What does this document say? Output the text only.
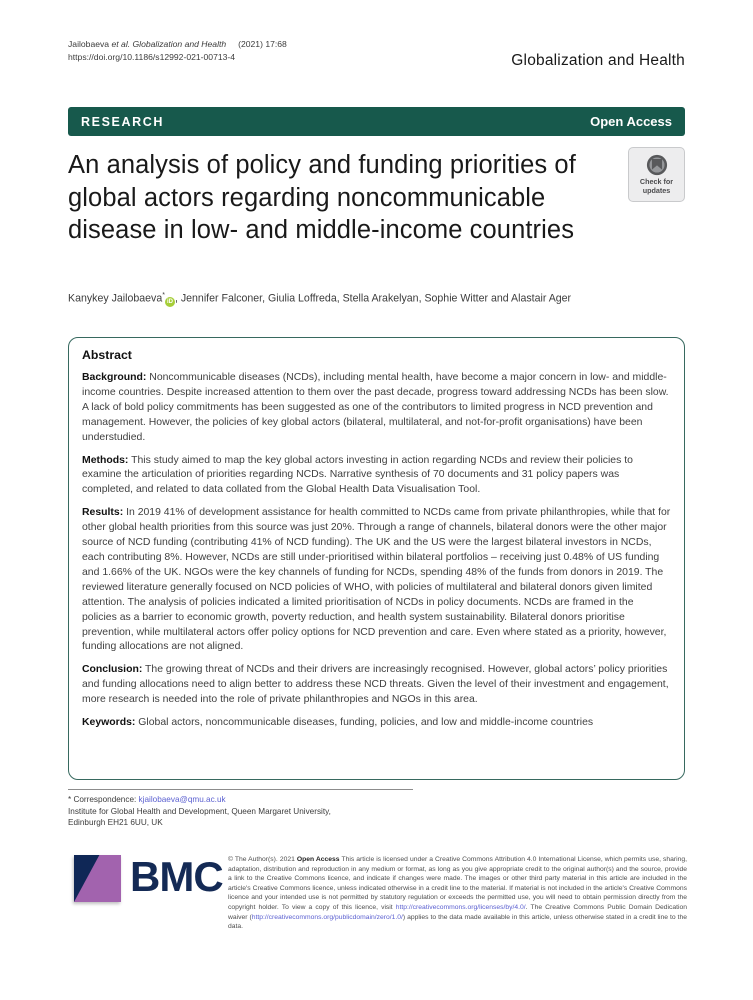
Jailobaeva et al. Globalization and Health (2021) 17:68
https://doi.org/10.1186/s12992-021-00713-4	Globalization and Health
RESEARCH	Open Access
An analysis of policy and funding priorities of global actors regarding noncommunicable disease in low- and middle-income countries
Check for
updates
Kanykey Jailobaeva*iD , Jennifer Falconer, Giulia Loffreda, Stella Arakelyan, Sophie Witter and Alastair Ager
Abstract

Background: Noncommunicable diseases (NCDs), including mental health, have become a major concern in low- and middle-income countries. Despite increased attention to them over the past decade, progress toward addressing NCDs has been slow. A lack of bold policy commitments has been suggested as one of the contributors to limited progress in NCD prevention and management. However, the policies of key global actors (bilateral, multilateral, and not-for-profit organisations) have been understudied.

Methods: This study aimed to map the key global actors investing in action regarding NCDs and review their policies to examine the articulation of priorities regarding NCDs. Narrative synthesis of 70 documents and 31 policy papers was completed, and related to data collated from the Global Health Data Visualisation Tool.

Results: In 2019 41% of development assistance for health committed to NCDs came from private philanthropies, while that for other global health priorities from this source was just 20%. Through a range of channels, bilateral donors were the other major source of NCD funding (contributing 41% of NCD funding). The UK and the US were the largest bilateral investors in NCDs, each contributing 8%. However, NCDs are still under-prioritised within bilateral portfolios – receiving just 0.48% of US funding and 1.66% of the UK. NGOs were the key channels of funding for NCDs, spending 48% of the funds from donors in 2019. The reviewed literature generally focused on NCD policies of WHO, with policies of multilateral and bilateral donors given limited attention. The analysis of policies indicated a limited prioritisation of NCDs in policy documents. NCDs are framed in the policies as a barrier to economic growth, poverty reduction, and health system sustainability. Bilateral donors prioritise prevention, while multilateral actors offer policy options for NCD prevention and care. Even where stated as a priority, however, funding allocations are not aligned.

Conclusion: The growing threat of NCDs and their drivers are increasingly recognised. However, global actors’ policy priorities and funding allocations need to align better to address these NCD threats. Given the level of their investment and engagement, more research is needed into the role of private philanthropies and NGOs in this area.

Keywords: Global actors, noncommunicable diseases, funding, policies, and low and middle-income countries

* Correspondence: kjailobaeva@qmu.ac.uk
Institute for Global Health and Development, Queen Margaret University,
Edinburgh EH21 6UU, UK
BMC © The Author(s). 2021 Open Access This article is licensed under a Creative Commons Attribution 4.0 International License, which permits use, sharing, adaptation, distribution and reproduction in any medium or format, as long as you give appropriate credit to the original author(s) and the source, provide a link to the Creative Commons licence, and indicate if changes were made. The images or other third party material in this article are included in the article's Creative Commons licence, unless indicated otherwise in a credit line to the material. If material is not included in the article's Creative Commons licence and your intended use is not permitted by statutory regulation or exceeds the permitted use, you will need to obtain permission directly from the copyright holder. To view a copy of this licence, visit http://creativecommons.org/licenses/by/4.0/. The Creative Commons Public Domain Dedication waiver (http://creativecommons.org/publicdomain/zero/1.0/) applies to the data made available in this article, unless otherwise stated in a credit line to the data.
